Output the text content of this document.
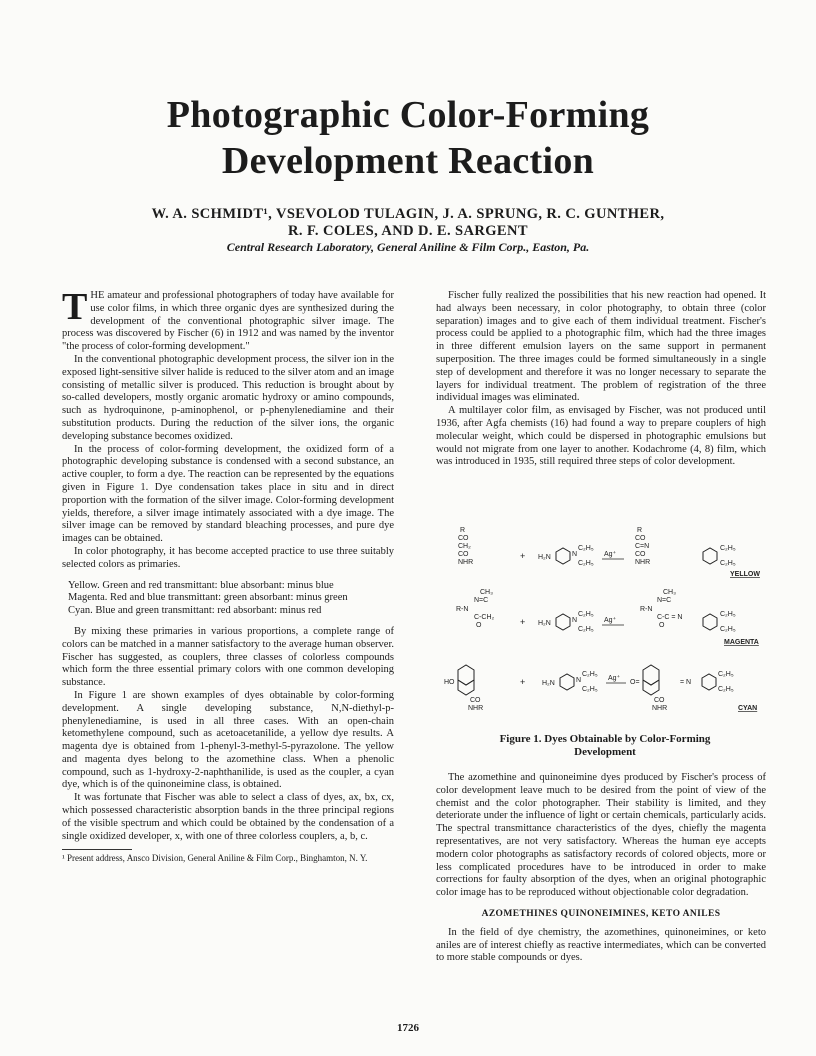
Photographic Color-Forming
Development Reaction
W. A. SCHMIDT¹, VSEVOLOD TULAGIN, J. A. SPRUNG, R. C. GUNTHER,
R. F. COLES, AND D. E. SARGENT
Central Research Laboratory, General Aniline & Film Corp., Easton, Pa.

THE amateur and professional photographers of today have available for use color films, in which three organic dyes are synthesized during the development of the conventional photographic silver image. The process was discovered by Fischer (6) in 1912 and was named by the inventor "the process of color-forming development."

In the conventional photographic development process, the silver ion in the exposed light-sensitive silver halide is reduced to the silver atom and an image consisting of metallic silver is produced. This reduction is brought about by so-called developers, mostly organic aromatic hydroxy or amino compounds, such as hydroquinone, p-aminophenol, or p-phenylenediamine and their substitution products. During the reduction of the silver ions, the organic developing substance becomes oxidized.

In the process of color-forming development, the oxidized form of a photographic developing substance is condensed with a second substance, an active coupler, to form a dye. The reaction can be represented by the equations given in Figure 1. Dye condensation takes place in situ and in direct proportion with the formation of the silver image. Color-forming development yields, therefore, a silver image intimately associated with a dye image. The silver image can be removed by standard bleaching processes, and pure dye images can be obtained.

In color photography, it has become accepted practice to use three suitably selected colors as primaries.

Yellow. Green and red transmittant: blue absorbant: minus blue

Magenta. Red and blue transmittant: green absorbant: minus green

Cyan. Blue and green transmittant: red absorbant: minus red

By mixing these primaries in various proportions, a complete range of colors can be matched in a manner satisfactory to the average human observer. Fischer has suggested, as couplers, three classes of colorless compounds which form the three essential primary colors with one common developing substance.

In Figure 1 are shown examples of dyes obtainable by color-forming development. A single developing substance, N,N-diethyl-p-phenylenediamine, is used in all three cases. With an open-chain ketomethylene compound, such as acetoacetanilide, a yellow dye results. A magenta dye is obtained from 1-phenyl-3-methyl-5-pyrazolone. The yellow and magenta dyes belong to the azomethine class. When a phenolic compound, such as 1-hydroxy-2-naphthanilide, is used as the coupler, a cyan dye, which is of the quinoneimine class, is obtained.

It was fortunate that Fischer was able to select a class of dyes, ax, bx, cx, which possessed characteristic absorption bands in the three principal regions of the visible spectrum and which could be obtained by the condensation of a single oxidized developer, x, with one of three colorless couplers, a, b, c.

¹ Present address, Ansco Division, General Aniline & Film Corp., Binghamton, N. Y.

Fischer fully realized the possibilities that his new reaction had opened. It had always been necessary, in color photography, to obtain three (color separation) images and to give each of them individual treatment. Fischer's process could be applied to a photographic film, which had the three images in three different emulsion layers on the same support in permanent superposition. The three images could be formed simultaneously in a single step of development and therefore it was no longer necessary to separate the layers for individual treatment. The problem of registration of the three individual images was eliminated.

A multilayer color film, as envisaged by Fischer, was not produced until 1936, after Agfa chemists (16) had found a way to prepare couplers of high molecular weight, which could be dispersed in photographic emulsions but would not migrate from one layer to another. Kodachrome (4, 8) film, which was introduced in 1935, still required three steps of color development.

R
CO
CH₂
CO
NHR
R
CO
C=N
CO
NHR
H₂N	N
C₂H₅
C₂H₅
C₂H₅
C₂H₅
CH₃
N=C
R-N
C-CH₂
O
CH₃
N=C
R-N
C-C = N
O
H₂N	N
C₂H₅
C₂H₅
C₂H₅
C₂H₅
HO
CO
NHR
H₂N	N
C₂H₅
C₂H₅
O=
CO
NHR
= N
C₂H₅
C₂H₅
+
+
+
Ag⁺
Ag⁺
Ag⁺
YELLOW
MAGENTA
CYAN
Figure 1. Dyes Obtainable by Color-Forming
Development

The azomethine and quinoneimine dyes produced by Fischer's process of color development leave much to be desired from the point of view of the chemist and the color photographer. Their stability is limited, and they deteriorate under the influence of light or certain chemicals, particularly acids. The spectral transmittance characteristics of the dyes, chiefly the magenta representatives, are not very satisfactory. Whereas the human eye accepts modern color photographs as satisfactory records of colored objects, more or less complicated procedures have to be introduced in order to make corrections for faulty absorption of the dyes, when an original photographic color image has to be reproduced without objectionable color degradation.

AZOMETHINES QUINONEIMINES, KETO ANILES

In the field of dye chemistry, the azomethines, quinoneimines, or keto aniles are of interest chiefly as reactive intermediates, which can be converted to more stable compounds or dyes.

1726
